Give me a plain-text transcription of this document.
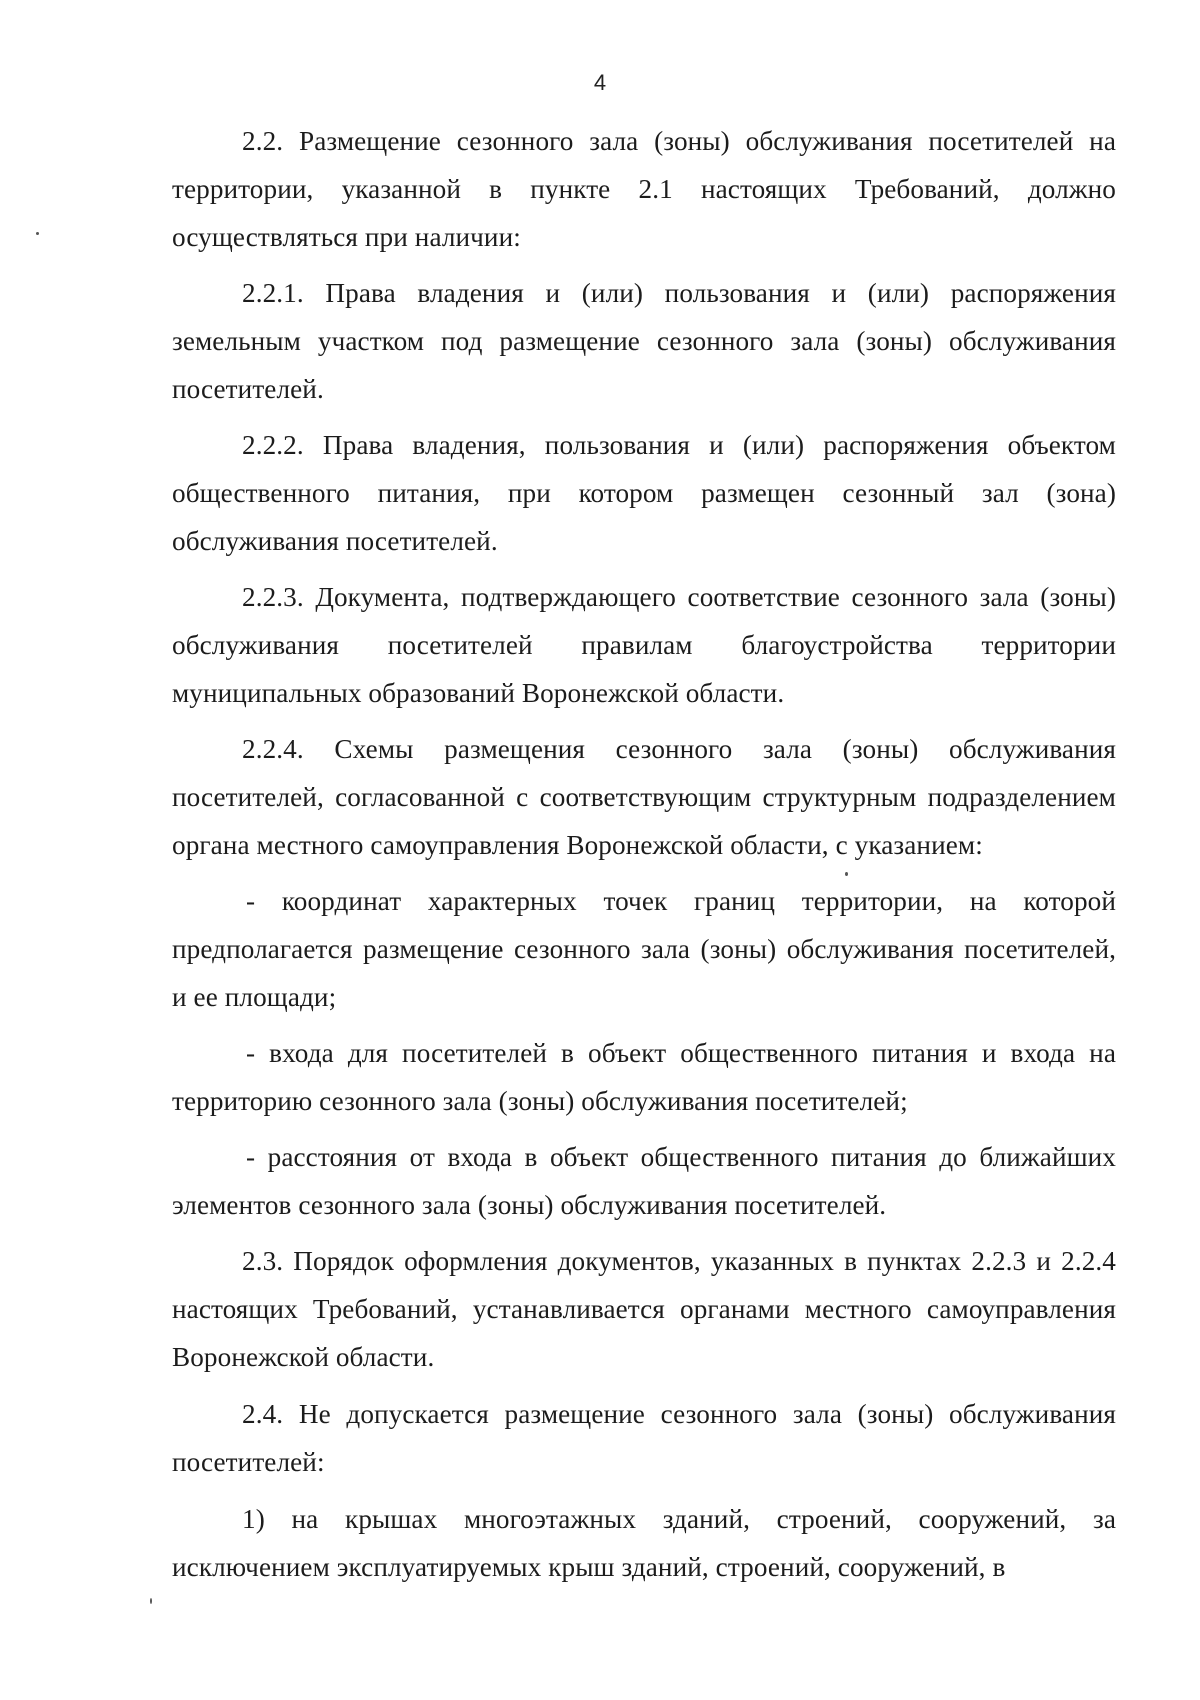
4

2.2. Размещение сезонного зала (зоны) обслуживания посетителей на территории, указанной в пункте 2.1 настоящих Требований, должно осуществляться при наличии:

2.2.1. Права владения и (или) пользования и (или) распоряжения земельным участком под размещение сезонного зала (зоны) обслуживания посетителей.

2.2.2. Права владения, пользования и (или) распоряжения объектом общественного питания, при котором размещен сезонный зал (зона) обслуживания посетителей.

2.2.3. Документа, подтверждающего соответствие сезонного зала (зоны) обслуживания посетителей правилам благоустройства территории муниципальных образований Воронежской области.

2.2.4. Схемы размещения сезонного зала (зоны) обслуживания посетителей, согласованной с соответствующим структурным подразделением органа местного самоуправления Воронежской области, с указанием:

- координат характерных точек границ территории, на которой предполагается размещение сезонного зала (зоны) обслуживания посетителей, и ее площади;

- входа для посетителей в объект общественного питания и входа на территорию сезонного зала (зоны) обслуживания посетителей;

- расстояния от входа в объект общественного питания до ближайших элементов сезонного зала (зоны) обслуживания посетителей.

2.3. Порядок оформления документов, указанных в пунктах 2.2.3 и 2.2.4 настоящих Требований, устанавливается органами местного самоуправления Воронежской области.

2.4. Не допускается размещение сезонного зала (зоны) обслуживания посетителей:

1) на крышах многоэтажных зданий, строений, сооружений, за исключением эксплуатируемых крыш зданий, строений, сооружений, в
